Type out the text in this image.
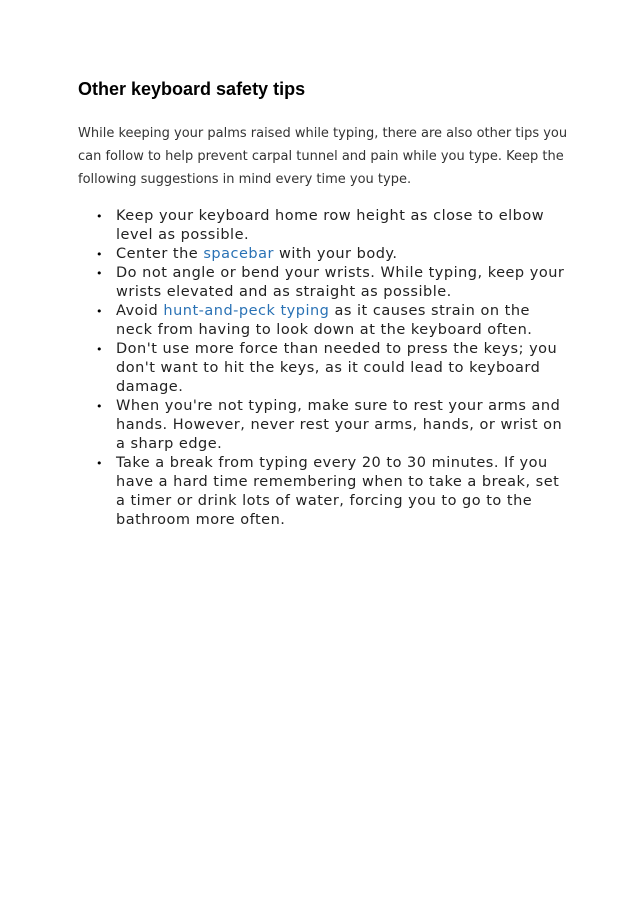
Other keyboard safety tips

While keeping your palms raised while typing, there are also other tips you can follow to help prevent carpal tunnel and pain while you type. Keep the following suggestions in mind every time you type.

• Keep your keyboard home row height as close to elbow level as possible.
• Center the spacebar with your body.
• Do not angle or bend your wrists. While typing, keep your wrists elevated and as straight as possible.
• Avoid hunt-and-peck typing as it causes strain on the neck from having to look down at the keyboard often.
• Don't use more force than needed to press the keys; you don't want to hit the keys, as it could lead to keyboard damage.
• When you're not typing, make sure to rest your arms and hands. However, never rest your arms, hands, or wrist on a sharp edge.
• Take a break from typing every 20 to 30 minutes. If you have a hard time remembering when to take a break, set a timer or drink lots of water, forcing you to go to the bathroom more often.
